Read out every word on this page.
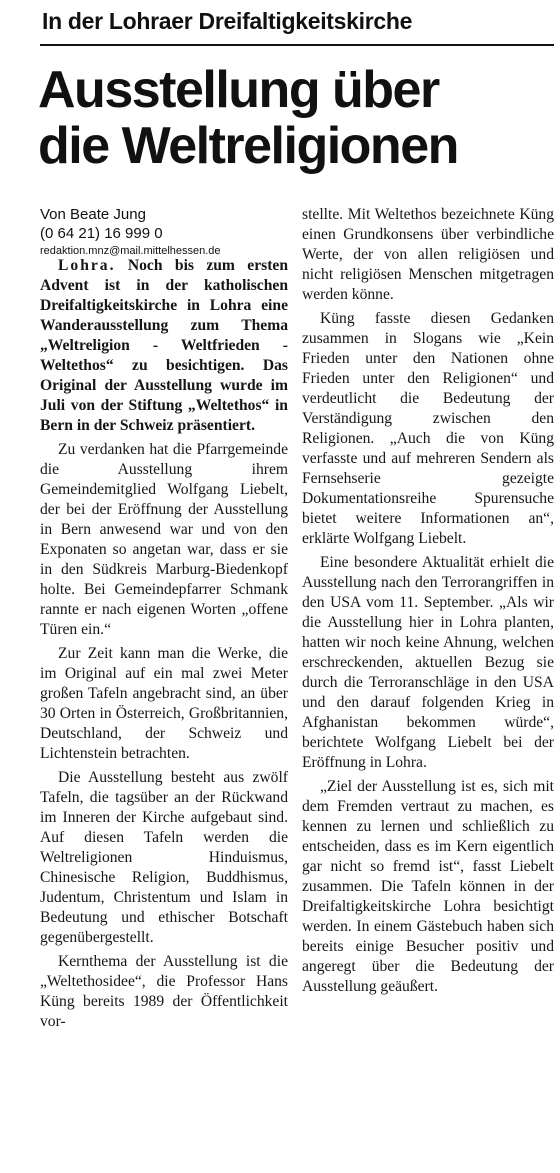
In der Lohraer Dreifaltigkeitskirche
Ausstellung über
die Weltreligionen
Von Beate Jung
(0 64 21) 16 999 0
redaktion.mnz@mail.mittelhessen.de

Lohra. Noch bis zum ersten Advent ist in der katholischen Dreifaltigkeitskirche in Lohra eine Wanderausstellung zum Thema „Weltreligion - Weltfrieden - Weltethos“ zu besichtigen. Das Original der Ausstellung wurde im Juli von der Stiftung „Weltethos“ in Bern in der Schweiz präsentiert.

Zu verdanken hat die Pfarrgemeinde die Ausstellung ihrem Gemeindemitglied Wolfgang Liebelt, der bei der Eröffnung der Ausstellung in Bern anwesend war und von den Exponaten so angetan war, dass er sie in den Südkreis Marburg-Biedenkopf holte. Bei Gemeindepfarrer Schmank rannte er nach eigenen Worten „offene Türen ein.“

Zur Zeit kann man die Werke, die im Original auf ein mal zwei Meter großen Tafeln angebracht sind, an über 30 Orten in Österreich, Großbritannien, Deutschland, der Schweiz und Lichtenstein betrachten.

Die Ausstellung besteht aus zwölf Tafeln, die tagsüber an der Rückwand im Inneren der Kirche aufgebaut sind. Auf diesen Tafeln werden die Weltreligionen Hinduismus, Chinesische Religion, Buddhismus, Judentum, Christentum und Islam in Bedeutung und ethischer Botschaft gegenübergestellt.

Kernthema der Ausstellung ist die „Weltethosidee“, die Professor Hans Küng bereits 1989 der Öffentlichkeit vor-

stellte. Mit Weltethos bezeichnete Küng einen Grundkonsens über verbindliche Werte, der von allen religiösen und nicht religiösen Menschen mitgetragen werden könne.

Küng fasste diesen Gedanken zusammen in Slogans wie „Kein Frieden unter den Nationen ohne Frieden unter den Religionen“ und verdeutlicht die Bedeutung der Verständigung zwischen den Religionen. „Auch die von Küng verfasste und auf mehreren Sendern als Fernsehserie gezeigte Dokumentationsreihe Spurensuche bietet weitere Informationen an“, erklärte Wolfgang Liebelt.

Eine besondere Aktualität erhielt die Ausstellung nach den Terrorangriffen in den USA vom 11. September. „Als wir die Ausstellung hier in Lohra planten, hatten wir noch keine Ahnung, welchen erschreckenden, aktuellen Bezug sie durch die Terroranschläge in den USA und den darauf folgenden Krieg in Afghanistan bekommen würde“, berichtete Wolfgang Liebelt bei der Eröffnung in Lohra.

„Ziel der Ausstellung ist es, sich mit dem Fremden vertraut zu machen, es kennen zu lernen und schließlich zu entscheiden, dass es im Kern eigentlich gar nicht so fremd ist“, fasst Liebelt zusammen. Die Tafeln können in der Dreifaltigkeitskirche Lohra besichtigt werden. In einem Gästebuch haben sich bereits einige Besucher positiv und angeregt über die Bedeutung der Ausstellung geäußert.
